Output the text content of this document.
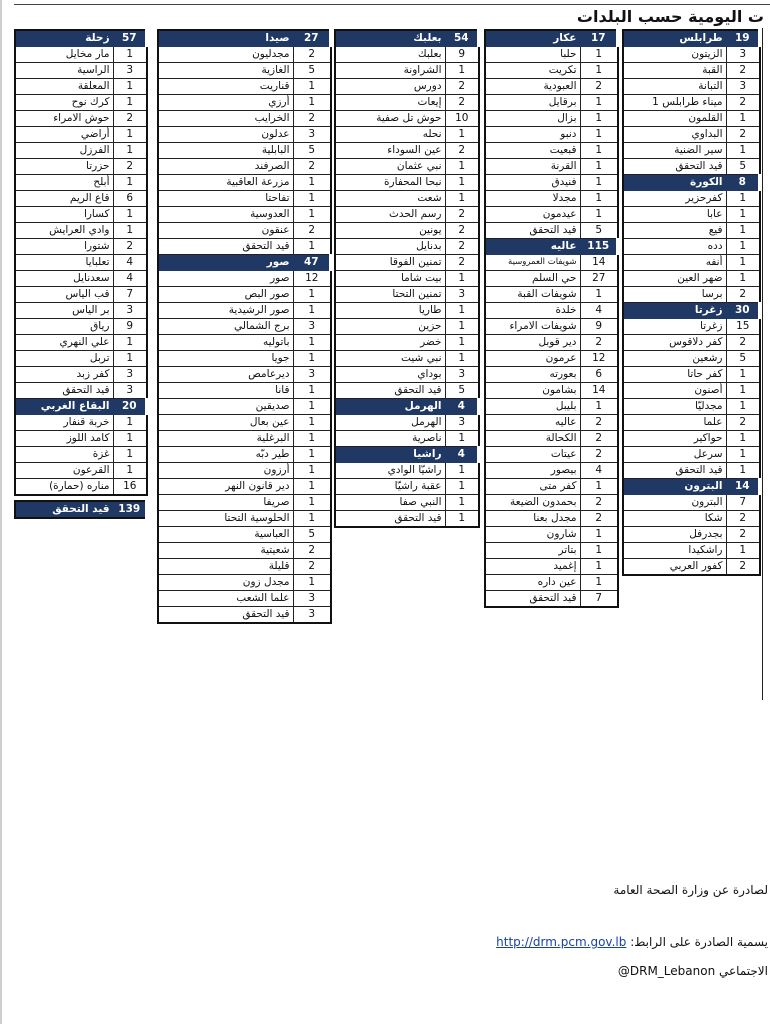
ت اليومية حسب البلدات
57	زحلة
1	مار مخايل
3	الراسية
1	المعلقة
1	كرك نوح
2	حوش الامراء
1	أراضي
1	الفرزل
2	حزرتا
1	أبلح
6	قاع الريم
1	كسارا
1	وادي العرايش
2	شتورا
4	تعلبايا
4	سعدنايل
7	قب الياس
3	بر الياس
9	رياق
1	علي النهري
1	تربل
3	كفر زبد
3	قيد التحقق
20	البقاع الغربي
1	خربة قنفار
1	كامد اللوز
1	غزة
1	القرعون
16	مناره (حمارة)
139	قيد التحقق
27	صيدا
2	مجدليون
5	الغازية
1	قناريت
1	أرزي
2	الخرايب
3	عدلون
5	البابلية
2	الصرفند
1	مزرعة العاقبية
1	تفاحتا
1	العدوسية
2	عنقون
1	قيد التحقق
47	صور
12	صور
1	صور البص
1	صور الرشيدية
3	برج الشمالي
1	باتوليه
1	جويا
3	ديرعامص
1	قانا
1	صديقين
1	عين بعال
1	البرغلية
1	طير دبّه
1	أرزون
1	دير قانون النهر
1	صريفا
1	الحلوسية التحتا
5	العباسية
2	شعيتية
2	قليلة
1	مجدل زون
3	علما الشعب
3	قيد التحقق
54	بعلبك
9	بعلبك
1	الشراونة
2	دورس
2	إيعات
10	حوش تل صفية
1	نحله
2	عين السوداء
1	نبي عثمان
1	نبحا المحفارة
1	شعت
2	رسم الحدث
2	يونين
2	بدنايل
2	تمنين الفوقا
1	بيت شاما
3	تمنين التحتا
1	طاريا
1	حزين
1	خضر
1	نبي شيت
3	بوداي
5	قيد التحقق
4	الهرمل
3	الهرمل
1	ناصرية
4	راشيا
1	راشيّا الوادي
1	عقبة راشيّا
1	النبي صفا
1	قيد التحقق
17	عكار
1	حلبا
1	تكريت
2	العبودية
1	برقايل
1	بزال
1	دنبو
1	قبعيت
1	القرنة
1	فنيدق
1	مجدلا
1	عيدمون
5	قيد التحقق
115	عاليه
14	شويفات العمروسية
27	حي السلم
1	شويفات القبة
4	خلدة
9	شويفات الامراء
2	دير قوبل
12	عرمون
6	بعورته
14	بشامون
1	بليبل
2	عاليه
2	الكحالة
2	عيتات
4	بيصور
1	كفر متى
2	بحمدون الضيعة
2	مجدل بعنا
1	شارون
1	بتاتر
1	إغميد
1	عين داره
7	قيد التحقق
19	طرابلس
3	الزيتون
2	القبة
3	التبانة
2	ميناء طرابلس 1
1	القلمون
2	البداوي
1	سير الضنية
5	قيد التحقق
8	الكورة
1	كفرحزير
1	عابا
1	فيع
1	دده
1	أنفه
1	ضهر العين
2	برسا
30	زغرتا
15	زغرتا
2	كفر دلاقوس
5	رشعين
1	كفر حاتا
1	أصنون
1	مجدليّا
2	علما
1	حواكير
1	سرعل
1	قيد التحقق
14	البترون
7	البترون
2	شكا
2	بجدرفل
1	راشكيدا
2	كفور العربي
لصادرة عن وزارة الصحة العامة
يسمية الصادرة على الرابط: http://drm.pcm.gov.lb
الاجتماعي @DRM_Lebanon
